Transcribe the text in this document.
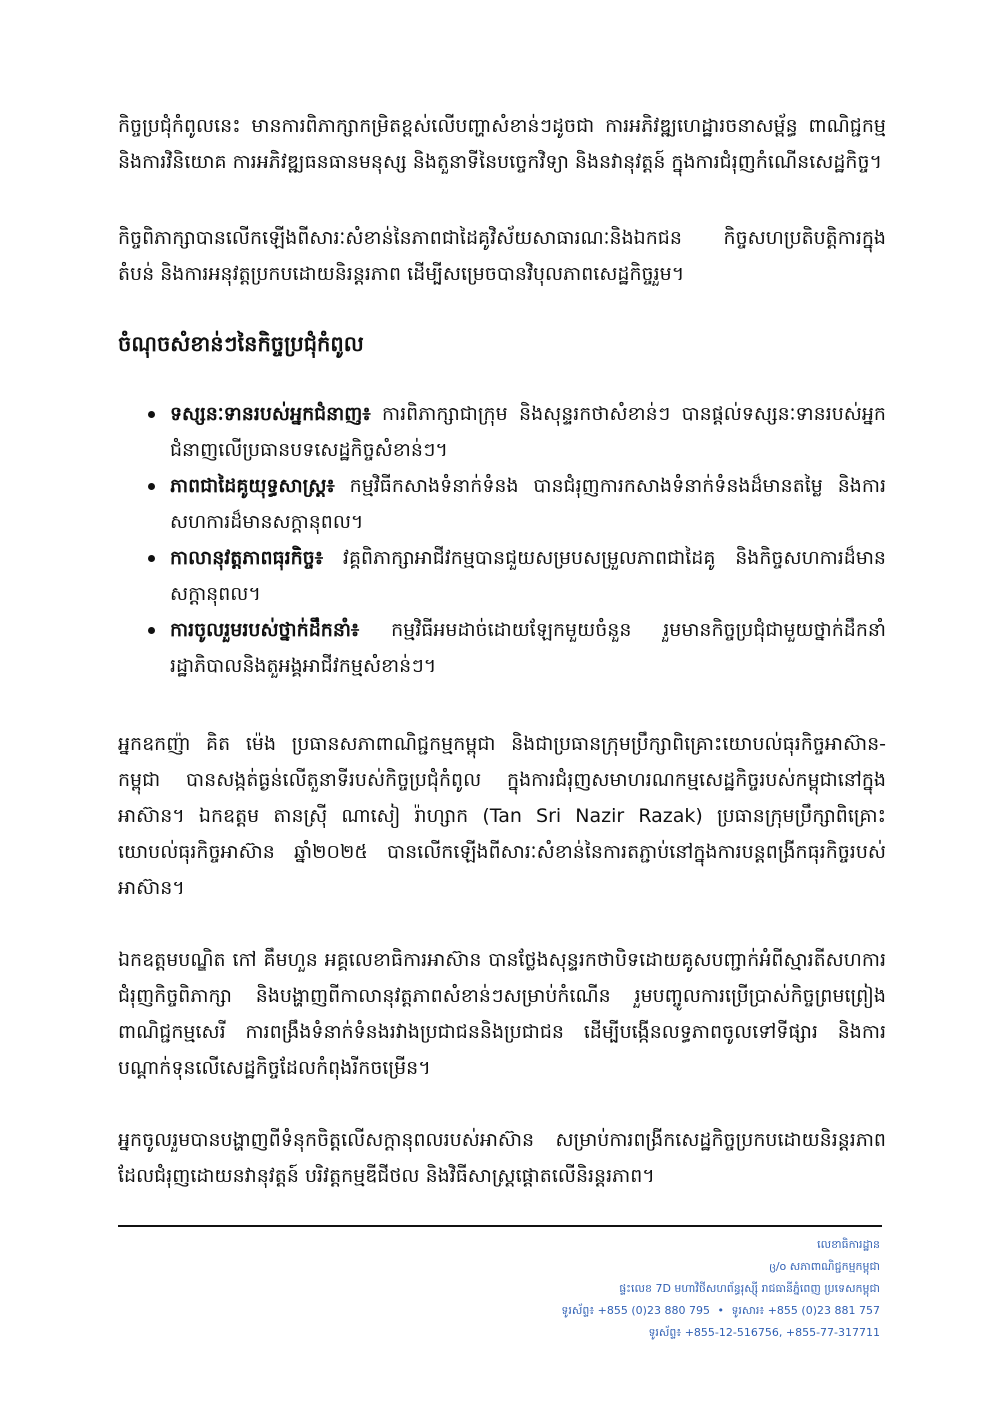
កិច្ចប្រជុំកំពូលនេះ មានការពិភាក្សាកម្រិតខ្ពស់លើបញ្ហាសំខាន់ៗដូចជា ការអភិវឌ្ឍហេដ្ឋារចនាសម្ព័ន្ធ ពាណិជ្ជកម្មនិងការវិនិយោគ ការអភិវឌ្ឍធនធានមនុស្ស និងតួនាទីនៃបច្ចេកវិទ្យា និងនវានុវត្តន៍ ក្នុងការជំរុញកំណើនសេដ្ឋកិច្ច។

កិច្ចពិភាក្សាបានលើកឡើងពីសារៈសំខាន់នៃភាពជាដៃគូវិស័យសាធារណៈនិងឯកជន កិច្ចសហប្រតិបត្តិការក្នុងតំបន់ និងការអនុវត្តប្រកបដោយនិរន្តរភាព ដើម្បីសម្រេចបានវិបុលភាពសេដ្ឋកិច្ចរួម។

ចំណុចសំខាន់ៗនៃកិច្ចប្រជុំកំពូល
ទស្សនៈទានរបស់អ្នកជំនាញ៖ ការពិភាក្សាជាក្រុម និងសុន្ទរកថាសំខាន់ៗ បានផ្តល់ទស្សនៈទានរបស់អ្នកជំនាញលើប្រធានបទសេដ្ឋកិច្ចសំខាន់ៗ។
ភាពជាដៃគូយុទ្ធសាស្ត្រ៖ កម្មវិធីកសាងទំនាក់ទំនង បានជំរុញការកសាងទំនាក់ទំនងដ៏មានតម្លៃ និងការសហការដ៏មានសក្តានុពល។
កាលានុវត្តភាពធុរកិច្ច៖ វគ្គពិភាក្សាអាជីវកម្មបានជួយសម្របសម្រួលភាពជាដៃគូ និងកិច្ចសហការដ៏មានសក្តានុពល។
ការចូលរួមរបស់ថ្នាក់ដឹកនាំ៖ កម្មវិធីអមដាច់ដោយឡែកមួយចំនួន រួមមានកិច្ចប្រជុំជាមួយថ្នាក់ដឹកនាំរដ្ឋាភិបាលនិងតួអង្គអាជីវកម្មសំខាន់ៗ។

អ្នកឧកញ៉ា គិត ម៉េង ប្រធានសភាពាណិជ្ជកម្មកម្ពុជា និងជាប្រធានក្រុមប្រឹក្សាពិគ្រោះយោបល់ធុរកិច្ចអាស៊ាន-កម្ពុជា បានសង្កត់ធ្ងន់លើតួនាទីរបស់កិច្ចប្រជុំកំពូល ក្នុងការជំរុញសមាហរណកម្មសេដ្ឋកិច្ចរបស់កម្ពុជានៅក្នុងអាស៊ាន។ ឯកឧត្តម តានស្រ៊ី ណាសៀ រ៉ាហ្សាក (Tan Sri Nazir Razak) ប្រធានក្រុមប្រឹក្សាពិគ្រោះយោបល់ធុរកិច្ចអាស៊ាន ឆ្នាំ២០២៥ បានលើកឡើងពីសារៈសំខាន់នៃការតភ្ជាប់នៅក្នុងការបន្តពង្រីកធុរកិច្ចរបស់អាស៊ាន។

ឯកឧត្តមបណ្ឌិត កៅ គឹមហួន អគ្គលេខាធិការអាស៊ាន បានថ្លែងសុន្ទរកថាបិទដោយគូសបញ្ជាក់អំពីស្មារតីសហការជំរុញកិច្ចពិភាក្សា និងបង្ហាញពីកាលានុវត្តភាពសំខាន់ៗសម្រាប់កំណើន រួមបញ្ចូលការប្រើប្រាស់កិច្ចព្រមព្រៀងពាណិជ្ជកម្មសេរី ការពង្រឹងទំនាក់ទំនងរវាងប្រជាជននិងប្រជាជន ដើម្បីបង្កើនលទ្ធភាពចូលទៅទីផ្សារ និងការបណ្តាក់ទុនលើសេដ្ឋកិច្ចដែលកំពុងរីកចម្រើន។

អ្នកចូលរួមបានបង្ហាញពីទំនុកចិត្តលើសក្តានុពលរបស់អាស៊ាន សម្រាប់ការពង្រីកសេដ្ឋកិច្ចប្រកបដោយនិរន្តរភាព ដែលជំរុញដោយនវានុវត្តន៍ បរិវត្តកម្មឌីជីថល និងវិធីសាស្ត្រផ្តោតលើនិរន្តរភាព។

លេខាធិការដ្ឋាន
ც/o សភាពាណិជ្ជកម្មកម្ពុជា
ផ្ទះលេខ 7D មហាវិថីសហព័ន្ធរុស្ស៊ី រាជធានីភ្នំពេញ ប្រទេសកម្ពុជា
ទូរស័ព្ទ៖ +855 (0)23 880 795 • ទូរសារ៖ +855 (0)23 881 757
ទូរស័ព្ទ៖ +855-12-516756, +855-77-317711
